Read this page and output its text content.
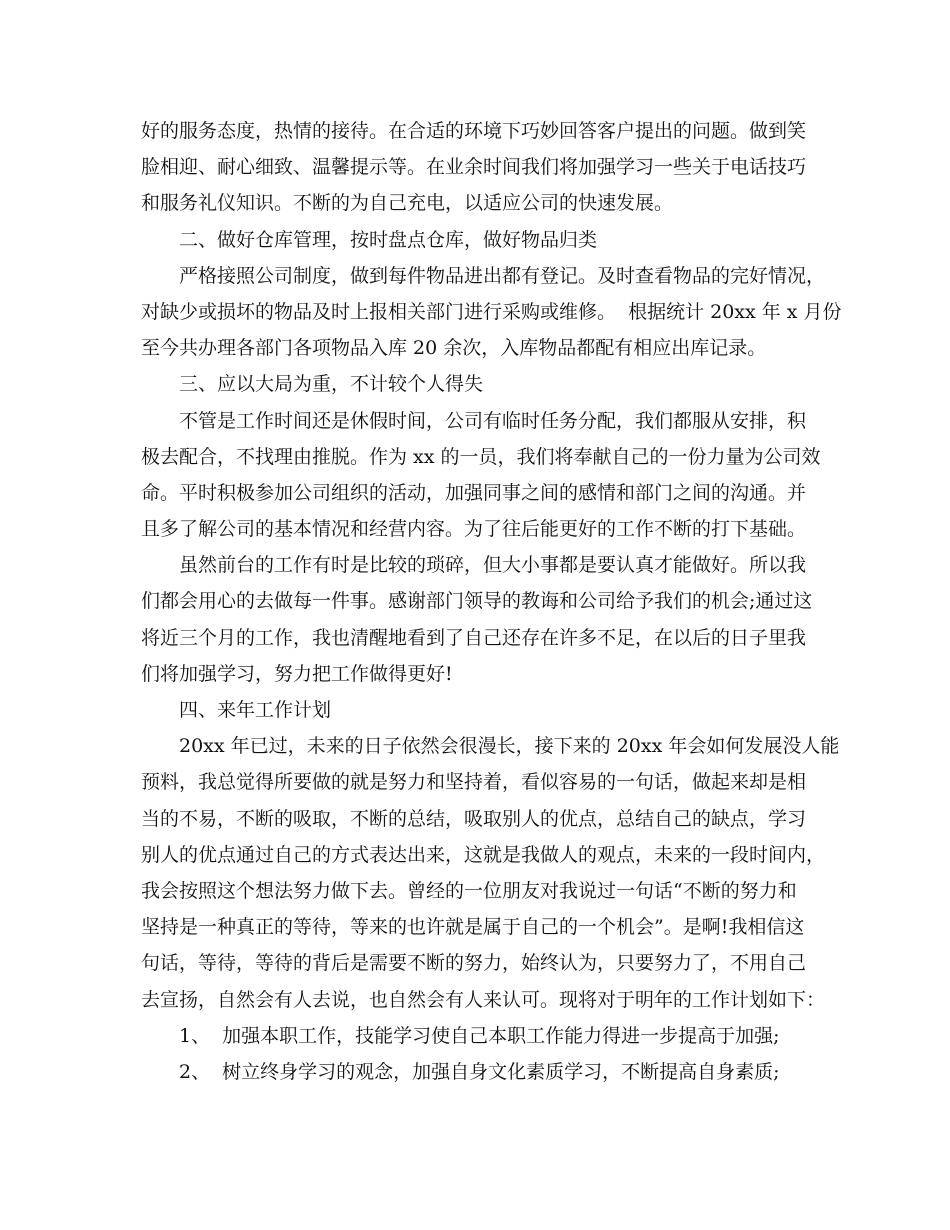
好的服务态度，热情的接待。在合适的环境下巧妙回答客户提出的问题。做到笑
脸相迎、耐心细致、温馨提示等。在业余时间我们将加强学习一些关于电话技巧
和服务礼仪知识。不断的为自己充电，以适应公司的快速发展。
二、做好仓库管理，按时盘点仓库，做好物品归类
严格接照公司制度，做到每件物品进出都有登记。及时查看物品的完好情况，
对缺少或损坏的物品及时上报相关部门进行采购或维修。  根据统计 20xx 年 x 月份
至今共办理各部门各项物品入库 20 余次，入库物品都配有相应出库记录。
三、应以大局为重，不计较个人得失
不管是工作时间还是休假时间，公司有临时任务分配，我们都服从安排，积
极去配合，不找理由推脱。作为 xx 的一员，我们将奉献自己的一份力量为公司效
命。平时积极参加公司组织的活动，加强同事之间的感情和部门之间的沟通。并
且多了解公司的基本情况和经营内容。为了往后能更好的工作不断的打下基础。
虽然前台的工作有时是比较的琐碎，但大小事都是要认真才能做好。所以我
们都会用心的去做每一件事。感谢部门领导的教诲和公司给予我们的机会;通过这
将近三个月的工作，我也清醒地看到了自己还存在许多不足，在以后的日子里我
们将加强学习，努力把工作做得更好!
四、来年工作计划
20xx 年已过，未来的日子依然会很漫长，接下来的 20xx 年会如何发展没人能
预料，我总觉得所要做的就是努力和坚持着，看似容易的一句话，做起来却是相
当的不易，不断的吸取，不断的总结，吸取别人的优点，总结自己的缺点，学习
别人的优点通过自己的方式表达出来，这就是我做人的观点，未来的一段时间内，
我会按照这个想法努力做下去。曾经的一位朋友对我说过一句话“不断的努力和
坚持是一种真正的等待，等来的也许就是属于自己的一个机会”。是啊!我相信这
句话，等待，等待的背后是需要不断的努力，始终认为，只要努力了，不用自己
去宣扬，自然会有人去说，也自然会有人来认可。现将对于明年的工作计划如下：
1、  加强本职工作，技能学习使自己本职工作能力得进一步提高于加强;
2、  树立终身学习的观念，加强自身文化素质学习，不断提高自身素质;
